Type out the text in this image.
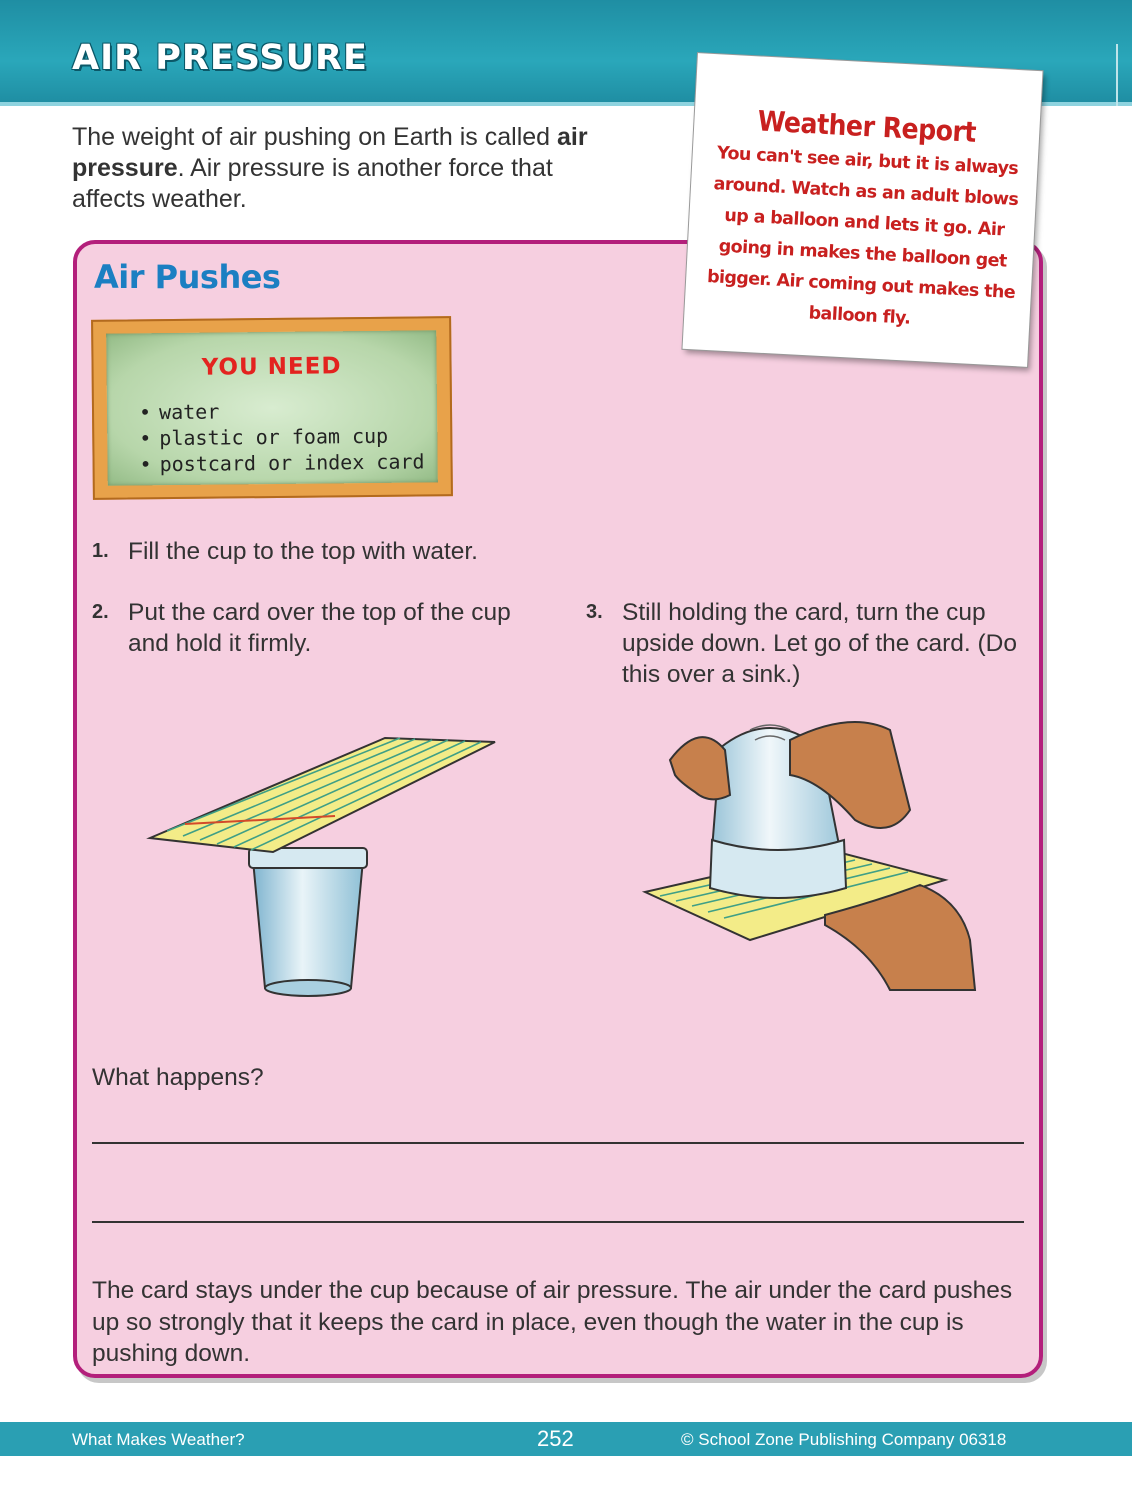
AIR PRESSURE

The weight of air pushing on Earth is called air pressure. Air pressure is another force that affects weather.

Air Pushes
Weather Report

You can't see air, but it is always around. Watch as an adult blows up a balloon and lets it go. Air going in makes the balloon get bigger. Air coming out makes the balloon fly.

YOU NEED
• water
• plastic or foam cup
• postcard or index card
1. Fill the cup to the top with water.
2. Put the card over the top of the cup and hold it firmly.
3. Still holding the card, turn the cup upside down. Let go of the card. (Do this over a sink.)

What happens?

The card stays under the cup because of air pressure. The air under the card pushes up so strongly that it keeps the card in place, even though the water in the cup is pushing down.

What Makes Weather?	252	© School Zone Publishing Company 06318
